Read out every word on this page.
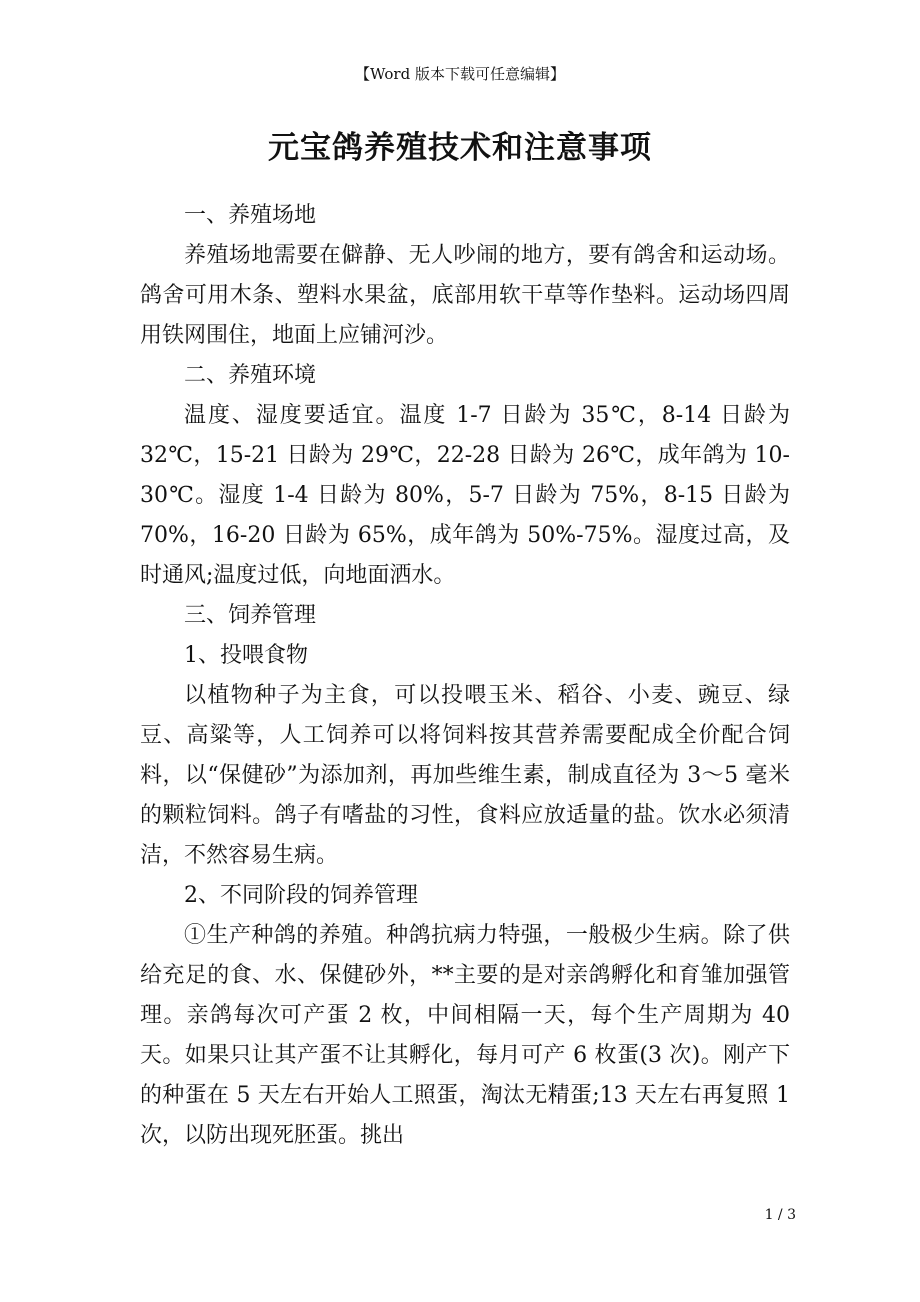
【Word 版本下载可任意编辑】
元宝鸽养殖技术和注意事项

一、养殖场地

养殖场地需要在僻静、无人吵闹的地方，要有鸽舍和运动场。鸽舍可用木条、塑料水果盆，底部用软干草等作垫料。运动场四周用铁网围住，地面上应铺河沙。

二、养殖环境

温度、湿度要适宜。温度 1-7 日龄为 35℃，8-14 日龄为 32℃，15-21 日龄为 29℃，22-28 日龄为 26℃，成年鸽为 10-30℃。湿度 1-4 日龄为 80%，5-7 日龄为 75%，8-15 日龄为 70%，16-20 日龄为 65%，成年鸽为 50%-75%。湿度过高，及时通风;温度过低，向地面洒水。

三、饲养管理

1、投喂食物

以植物种子为主食，可以投喂玉米、稻谷、小麦、豌豆、绿豆、高粱等，人工饲养可以将饲料按其营养需要配成全价配合饲料，以“保健砂”为添加剂，再加些维生素，制成直径为 3～5 毫米的颗粒饲料。鸽子有嗜盐的习性，食料应放适量的盐。饮水必须清洁，不然容易生病。

2、不同阶段的饲养管理

①生产种鸽的养殖。种鸽抗病力特强，一般极少生病。除了供给充足的食、水、保健砂外，**主要的是对亲鸽孵化和育雏加强管理。亲鸽每次可产蛋 2 枚，中间相隔一天，每个生产周期为 40 天。如果只让其产蛋不让其孵化，每月可产 6 枚蛋(3 次)。刚产下的种蛋在 5 天左右开始人工照蛋，淘汰无精蛋;13 天左右再复照 1 次，以防出现死胚蛋。挑出

1 / 3
